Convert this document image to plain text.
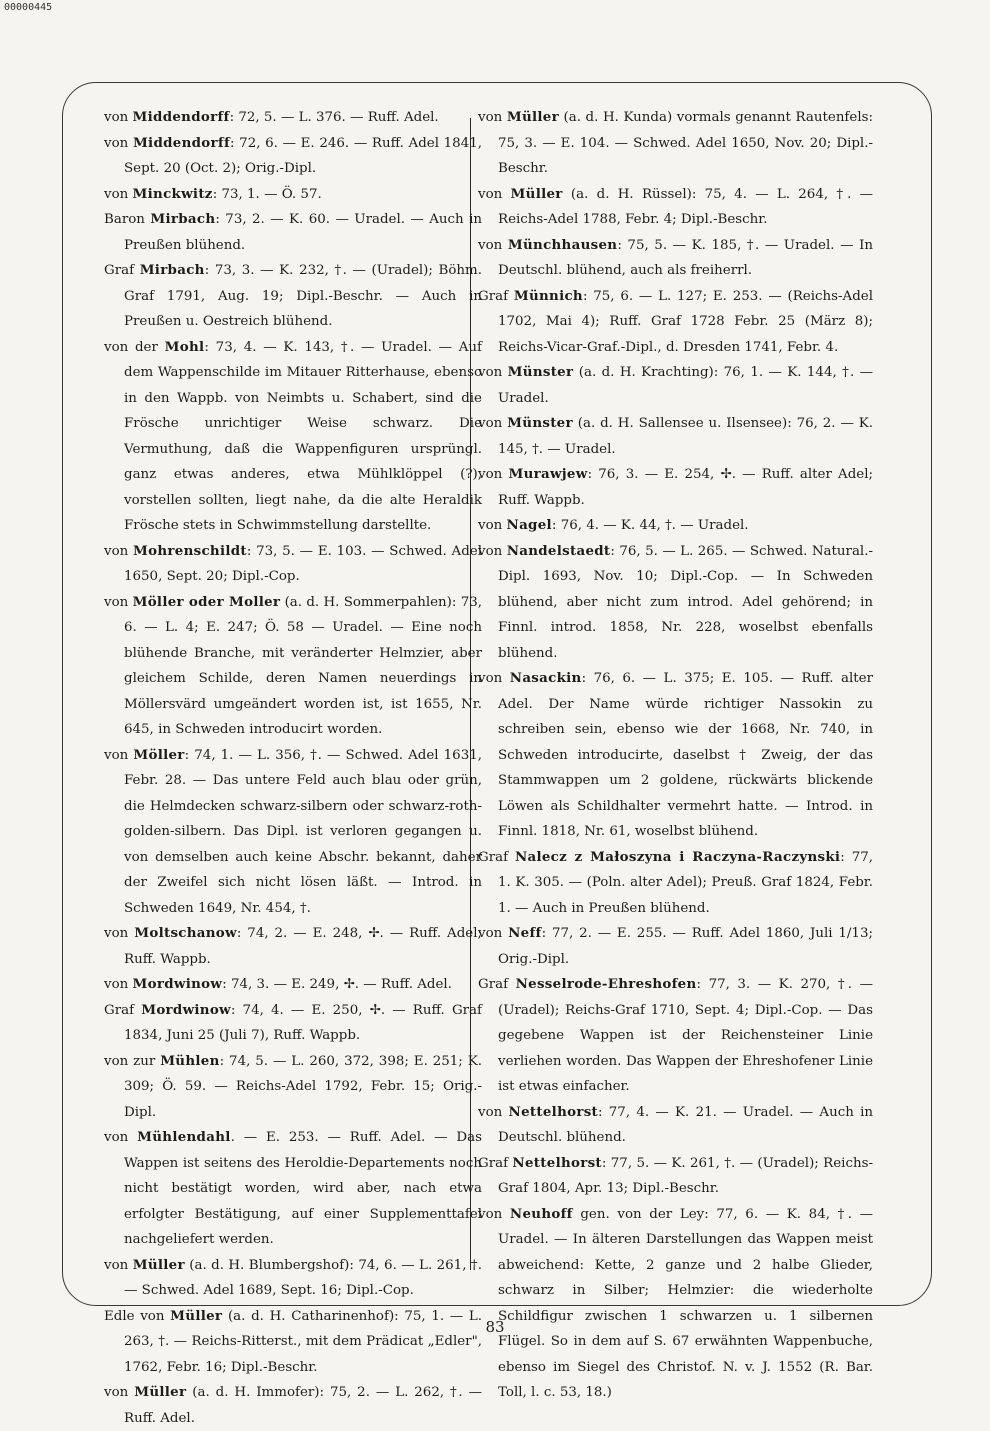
00000445
von Middendorff: 72, 5. — L. 376. — Ruff. Adel.
von Middendorff: 72, 6. — E. 246. — Ruff. Adel 1841, Sept. 20 (Oct. 2); Orig.-Dipl.
von Minckwitz: 73, 1. — Ö. 57.
Baron Mirbach: 73, 2. — K. 60. — Uradel. — Auch in Preußen blühend.
Graf Mirbach: 73, 3. — K. 232, †. — (Uradel); Böhm. Graf 1791, Aug. 19; Dipl.-Beschr. — Auch in Preußen u. Oestreich blühend.
von der Mohl: 73, 4. — K. 143, †. — Uradel. — Auf dem Wappenschilde im Mitauer Ritterhause, ebenso in den Wappb. von Neimbts u. Schabert, sind die Frösche unrichtiger Weise schwarz. Die Vermuthung, daß die Wappenfiguren ursprüngl. ganz etwas anderes, etwa Mühlklöppel (?), vorstellen sollten, liegt nahe, da die alte Heraldik Frösche stets in Schwimmstellung darstellte.
von Mohrenschildt: 73, 5. — E. 103. — Schwed. Adel 1650, Sept. 20; Dipl.-Cop.
von Möller oder Moller (a. d. H. Sommerpahlen): 73, 6. — L. 4; E. 247; Ö. 58 — Uradel. — Eine noch blühende Branche, mit veränderter Helmzier, aber gleichem Schilde, deren Namen neuerdings in Möllersvärd umgeändert worden ist, ist 1655, Nr. 645, in Schweden introducirt worden.
von Möller: 74, 1. — L. 356, †. — Schwed. Adel 1631, Febr. 28. — Das untere Feld auch blau oder grün, die Helmdecken schwarz-silbern oder schwarz-roth-golden-silbern. Das Dipl. ist verloren gegangen u. von demselben auch keine Abschr. bekannt, daher der Zweifel sich nicht lösen läßt. — Introd. in Schweden 1649, Nr. 454, †.
von Moltschanow: 74, 2. — E. 248, ✢. — Ruff. Adel; Ruff. Wappb.
von Mordwinow: 74, 3. — E. 249, ✢. — Ruff. Adel.
Graf Mordwinow: 74, 4. — E. 250, ✢. — Ruff. Graf 1834, Juni 25 (Juli 7), Ruff. Wappb.
von zur Mühlen: 74, 5. — L. 260, 372, 398; E. 251; K. 309; Ö. 59. — Reichs-Adel 1792, Febr. 15; Orig.-Dipl.
von Mühlendahl. — E. 253. — Ruff. Adel. — Das Wappen ist seitens des Heroldie-Departements noch nicht bestätigt worden, wird aber, nach etwa erfolgter Bestätigung, auf einer Supplementtafel nachgeliefert werden.
von Müller (a. d. H. Blumbergshof): 74, 6. — L. 261, †. — Schwed. Adel 1689, Sept. 16; Dipl.-Cop.
Edle von Müller (a. d. H. Catharinenhof): 75, 1. — L. 263, †. — Reichs-Ritterst., mit dem Prädicat „Edler", 1762, Febr. 16; Dipl.-Beschr.
von Müller (a. d. H. Immofer): 75, 2. — L. 262, †. — Ruff. Adel.
von Müller (a. d. H. Kunda) vormals genannt Rautenfels: 75, 3. — E. 104. — Schwed. Adel 1650, Nov. 20; Dipl.-Beschr.
von Müller (a. d. H. Rüssel): 75, 4. — L. 264, †. — Reichs-Adel 1788, Febr. 4; Dipl.-Beschr.
von Münchhausen: 75, 5. — K. 185, †. — Uradel. — In Deutschl. blühend, auch als freiherrl.
Graf Münnich: 75, 6. — L. 127; E. 253. — (Reichs-Adel 1702, Mai 4); Ruff. Graf 1728 Febr. 25 (März 8); Reichs-Vicar-Graf.-Dipl., d. Dresden 1741, Febr. 4.
von Münster (a. d. H. Krachting): 76, 1. — K. 144, †. — Uradel.
von Münster (a. d. H. Sallensee u. Ilsensee): 76, 2. — K. 145, †. — Uradel.
von Murawjew: 76, 3. — E. 254, ✢. — Ruff. alter Adel; Ruff. Wappb.
von Nagel: 76, 4. — K. 44, †. — Uradel.
von Nandelstaedt: 76, 5. — L. 265. — Schwed. Natural.-Dipl. 1693, Nov. 10; Dipl.-Cop. — In Schweden blühend, aber nicht zum introd. Adel gehörend; in Finnl. introd. 1858, Nr. 228, woselbst ebenfalls blühend.
von Nasackin: 76, 6. — L. 375; E. 105. — Ruff. alter Adel. Der Name würde richtiger Nassokin zu schreiben sein, ebenso wie der 1668, Nr. 740, in Schweden introducirte, daselbst † Zweig, der das Stammwappen um 2 goldene, rückwärts blickende Löwen als Schildhalter vermehrt hatte. — Introd. in Finnl. 1818, Nr. 61, woselbst blühend.
Graf Nalecz z Małoszyna i Raczyna-Raczynski: 77, 1. K. 305. — (Poln. alter Adel); Preuß. Graf 1824, Febr. 1. — Auch in Preußen blühend.
von Neff: 77, 2. — E. 255. — Ruff. Adel 1860, Juli 1/13; Orig.-Dipl.
Graf Nesselrode-Ehreshofen: 77, 3. — K. 270, †. — (Uradel); Reichs-Graf 1710, Sept. 4; Dipl.-Cop. — Das gegebene Wappen ist der Reichensteiner Linie verliehen worden. Das Wappen der Ehreshofener Linie ist etwas einfacher.
von Nettelhorst: 77, 4. — K. 21. — Uradel. — Auch in Deutschl. blühend.
Graf Nettelhorst: 77, 5. — K. 261, †. — (Uradel); Reichs-Graf 1804, Apr. 13; Dipl.-Beschr.
von Neuhoff gen. von der Ley: 77, 6. — K. 84, †. — Uradel. — In älteren Darstellungen das Wappen meist abweichend: Kette, 2 ganze und 2 halbe Glieder, schwarz in Silber; Helmzier: die wiederholte Schildfigur zwischen 1 schwarzen u. 1 silbernen Flügel. So in dem auf S. 67 erwähnten Wappenbuche, ebenso im Siegel des Christof. N. v. J. 1552 (R. Bar. Toll, l. c. 53, 18.)
83
